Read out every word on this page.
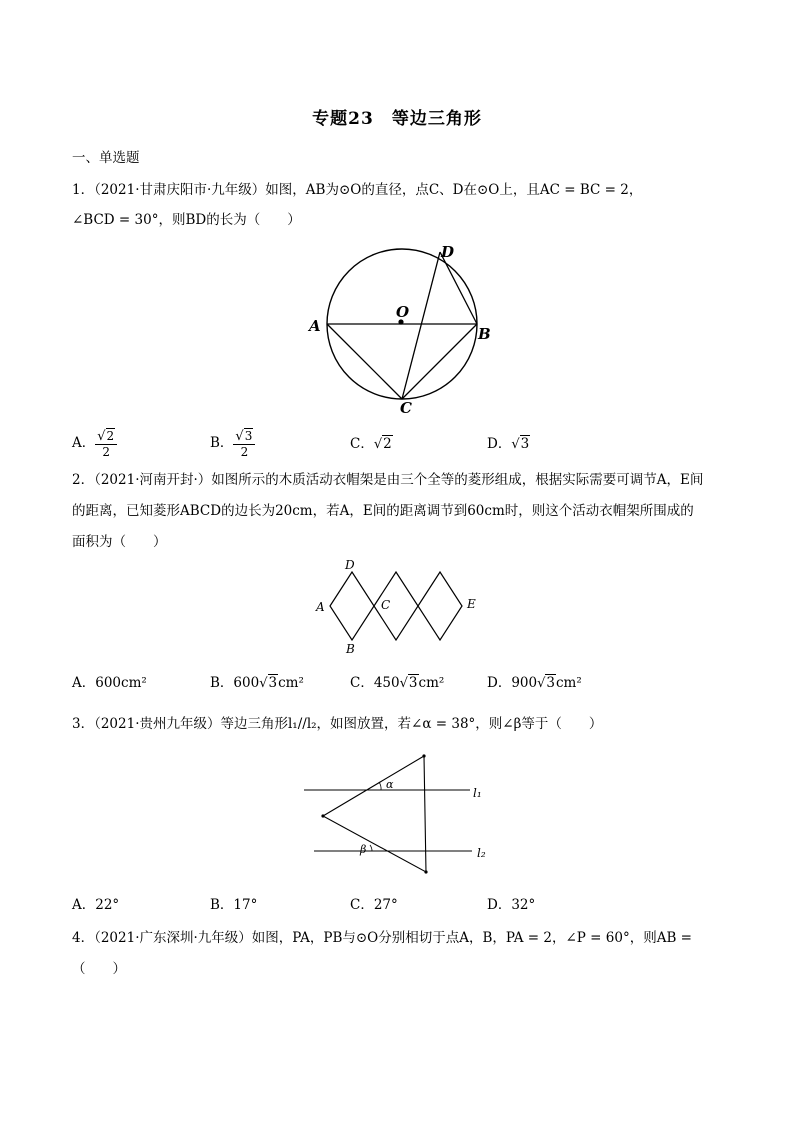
专题23　等边三角形
一、单选题
1．（2021·甘肃庆阳市·九年级）如图，AB为⊙O的直径，点C、D在⊙O上，且AC = BC = 2，
∠BCD = 30°，则BD的长为（　　）
D
O
A	B
C
A． $\frac{√2}{2}$	B． $\frac{√3}{2}$	C．√2	D．√3
2．（2021·河南开封·）如图所示的木质活动衣帽架是由三个全等的菱形组成，根据实际需要可调节A，E间
的距离，已知菱形ABCD的边长为20cm，若A，E间的距离调节到60cm时，则这个活动衣帽架所围成的
面积为（　　）
D
A	C	E
B
A．600cm²	B．600√3cm²	C．450√3cm²	D．900√3cm²
3．（2021·贵州九年级）等边三角形l₁//l₂，如图放置，若∠α = 38°，则∠β等于（　　）
α
β
l₁
l₂
A．22°	B．17°	C．27°	D．32°
4．（2021·广东深圳·九年级）如图，PA，PB与⊙O分别相切于点A，B，PA = 2，∠P = 60°，则AB =
（　　）
